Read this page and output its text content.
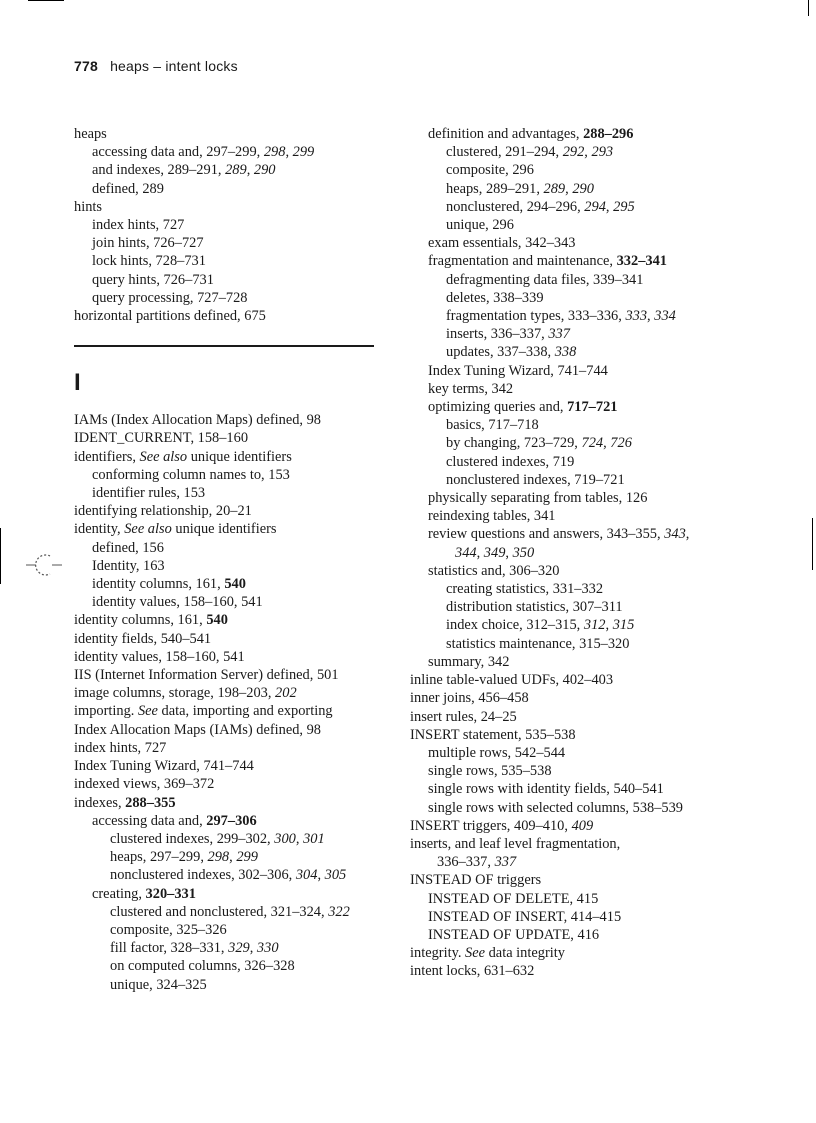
778 heaps – intent locks
heaps
accessing data and, 297–299, 298, 299
and indexes, 289–291, 289, 290
defined, 289
hints
index hints, 727
join hints, 726–727
lock hints, 728–731
query hints, 726–731
query processing, 727–728
horizontal partitions defined, 675
I
IAMs (Index Allocation Maps) defined, 98
IDENT_CURRENT, 158–160
identifiers, See also unique identifiers
conforming column names to, 153
identifier rules, 153
identifying relationship, 20–21
identity, See also unique identifiers
defined, 156
Identity, 163
identity columns, 161, 540
identity values, 158–160, 541
identity columns, 161, 540
identity fields, 540–541
identity values, 158–160, 541
IIS (Internet Information Server) defined, 501
image columns, storage, 198–203, 202
importing. See data, importing and exporting
Index Allocation Maps (IAMs) defined, 98
index hints, 727
Index Tuning Wizard, 741–744
indexed views, 369–372
indexes, 288–355
accessing data and, 297–306
clustered indexes, 299–302, 300, 301
heaps, 297–299, 298, 299
nonclustered indexes, 302–306, 304, 305
creating, 320–331
clustered and nonclustered, 321–324, 322
composite, 325–326
fill factor, 328–331, 329, 330
on computed columns, 326–328
unique, 324–325
definition and advantages, 288–296
clustered, 291–294, 292, 293
composite, 296
heaps, 289–291, 289, 290
nonclustered, 294–296, 294, 295
unique, 296
exam essentials, 342–343
fragmentation and maintenance, 332–341
defragmenting data files, 339–341
deletes, 338–339
fragmentation types, 333–336, 333, 334
inserts, 336–337, 337
updates, 337–338, 338
Index Tuning Wizard, 741–744
key terms, 342
optimizing queries and, 717–721
basics, 717–718
by changing, 723–729, 724, 726
clustered indexes, 719
nonclustered indexes, 719–721
physically separating from tables, 126
reindexing tables, 341
review questions and answers, 343–355, 343,
344, 349, 350
statistics and, 306–320
creating statistics, 331–332
distribution statistics, 307–311
index choice, 312–315, 312, 315
statistics maintenance, 315–320
summary, 342
inline table-valued UDFs, 402–403
inner joins, 456–458
insert rules, 24–25
INSERT statement, 535–538
multiple rows, 542–544
single rows, 535–538
single rows with identity fields, 540–541
single rows with selected columns, 538–539
INSERT triggers, 409–410, 409
inserts, and leaf level fragmentation,
336–337, 337
INSTEAD OF triggers
INSTEAD OF DELETE, 415
INSTEAD OF INSERT, 414–415
INSTEAD OF UPDATE, 416
integrity. See data integrity
intent locks, 631–632
